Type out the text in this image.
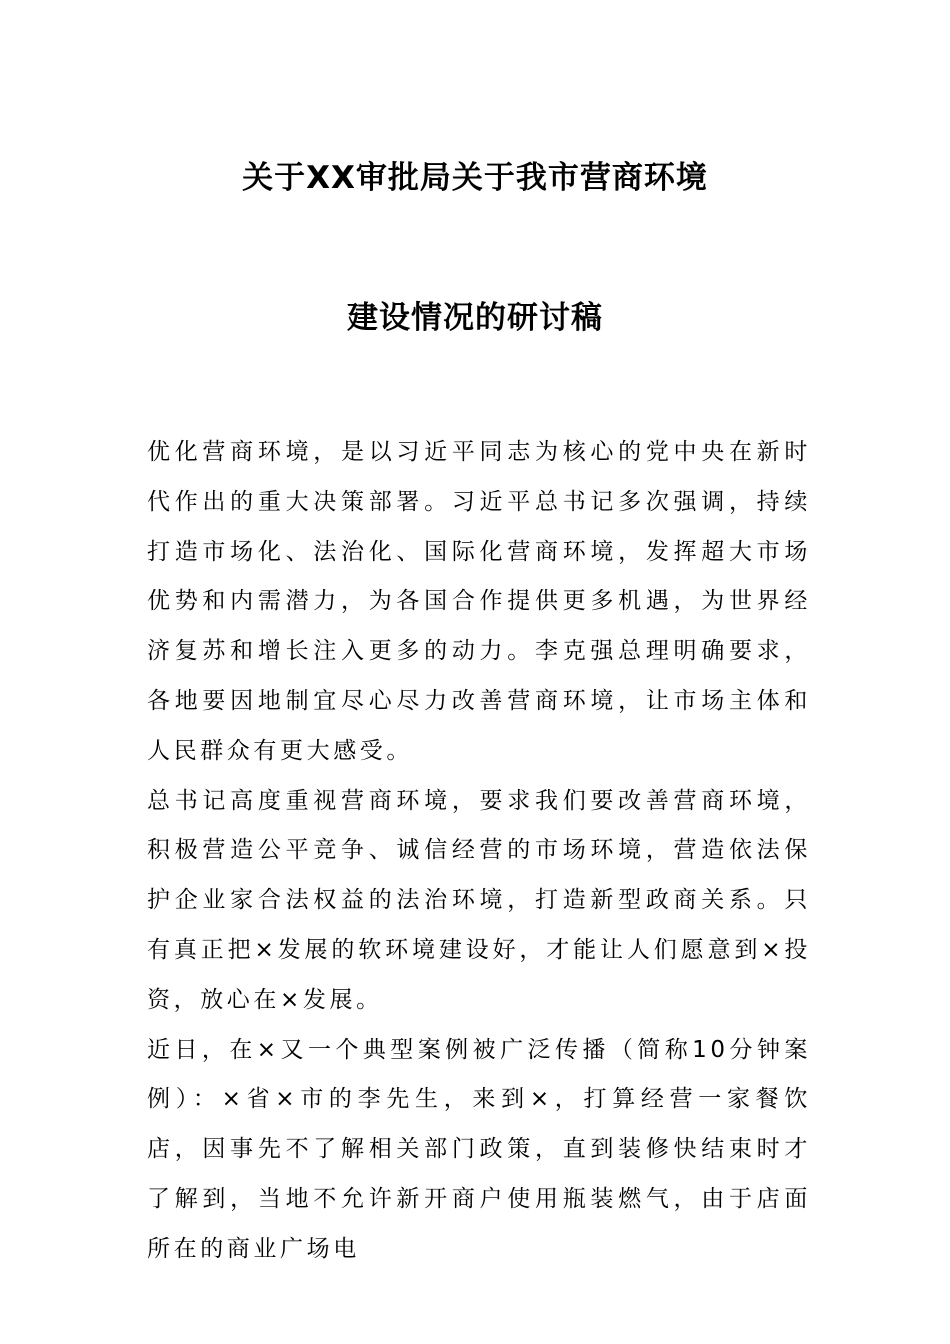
关于XX审批局关于我市营商环境
建设情况的研讨稿

优化营商环境，是以习近平同志为核心的党中央在新时代作出的重大决策部署。习近平总书记多次强调，持续打造市场化、法治化、国际化营商环境，发挥超大市场优势和内需潜力，为各国合作提供更多机遇，为世界经济复苏和增长注入更多的动力。李克强总理明确要求，各地要因地制宜尽心尽力改善营商环境，让市场主体和人民群众有更大感受。

总书记高度重视营商环境，要求我们要改善营商环境，积极营造公平竞争、诚信经营的市场环境，营造依法保护企业家合法权益的法治环境，打造新型政商关系。只有真正把×发展的软环境建设好，才能让人们愿意到×投资，放心在×发展。

近日，在×又一个典型案例被广泛传播（简称10分钟案例）：×省×市的李先生，来到×，打算经营一家餐饮店，因事先不了解相关部门政策，直到装修快结束时才了解到，当地不允许新开商户使用瓶装燃气，由于店面所在的商业广场电
